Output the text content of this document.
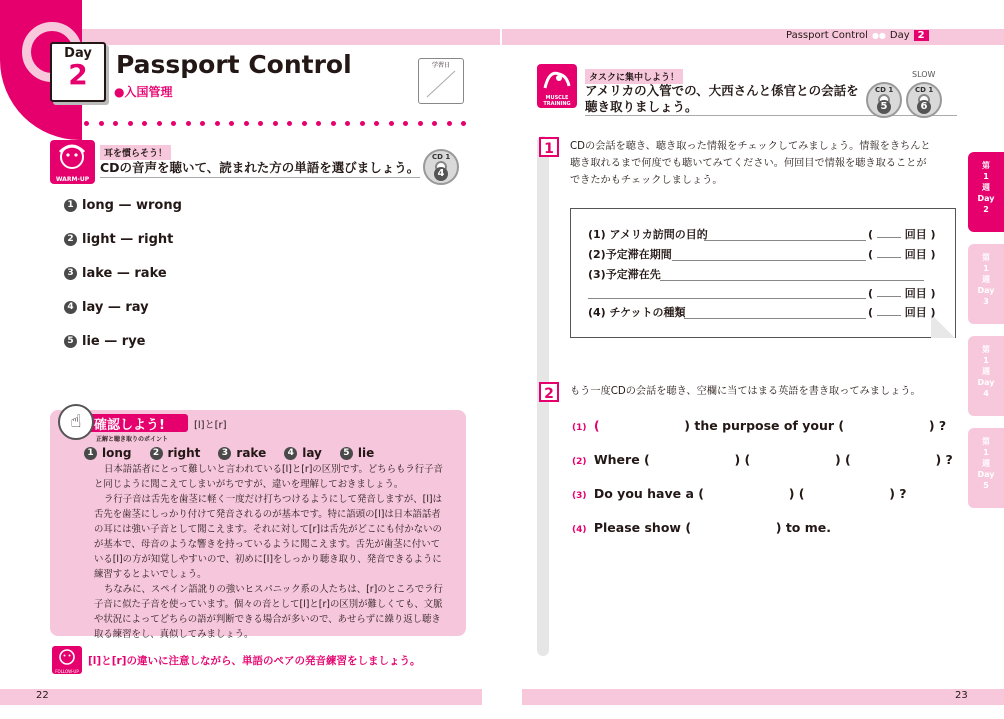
Passport Control ●● Day 2
Day
2	Passport Control
●入国管理
学習日
WARM-UP
耳を慣らそう！
CDの音声を聴いて、読まれた方の単語を選びましょう。
CD 1
4
1 long — wrong
2 light — right
3 lake — rake
4 lay — ray
5 lie — rye
☝ 確認しよう!	[l]と[r]
正解と聴き取りのポイント
1 long	2 right	3 rake	4 lay	5 lie
日本語話者にとって難しいと言われている[l]と[r]の区別です。どちらもラ行子音
と同じように聞こえてしまいがちですが、違いを理解しておきましょう。
ラ行子音は舌先を歯茎に軽く一度だけ打ちつけるようにして発音しますが、[l]は
舌先を歯茎にしっかり付けて発音されるのが基本です。特に語頭の[l]は日本語話者
の耳には強い子音として聞こえます。それに対して[r]は舌先がどこにも付かないの
が基本で、母音のような響きを持っているように聞こえます。舌先が歯茎に付いて
いる[l]の方が知覚しやすいので、初めに[l]をしっかり聴き取り、発音できるように
練習するとよいでしょう。
ちなみに、スペイン語訛りの強いヒスパニック系の人たちは、[r]のところでラ行
子音に似た子音を使っています。個々の音として[l]と[r]の区別が難しくても、文脈
や状況によってどちらの語が判断できる場合が多いので、あせらずに繰り返し聴き
取る練習をし、真似してみましょう。
FOLLOW-UP
[l]と[r]の違いに注意しながら、単語のペアの発音練習をしましょう。
22	23
MUSCLE TRAINING
タスクに集中しよう！
アメリカの入管での、大西さんと係官との会話を
聴き取りましょう。
SLOW
CD 1
5
CD 1
6
1	CDの会話を聴き、聴き取った情報をチェックしてみましょう。情報をきちんと
聴き取れるまで何度でも聴いてみてください。何回目で情報を聴き取ることが
できたかもチェックしましょう。
(1) アメリカ訪問の目的	(	回目 )
(2)予定滞在期間	(	回目 )
(3)予定滞在先
(	回目 )
(4) チケットの種類	(	回目 )
2	もう一度CDの会話を聴き、空欄に当てはまる英語を書き取ってみましょう。
(1) (	) the purpose of your (	) ?
(2) Where (	) (	) (	) ?
(3) Do you have a (	) (	) ?
(4) Please show (	) to me.
第
1
週
Day
2
第
1
週
Day
3
第
1
週
Day
4
第
1
週
Day
5
